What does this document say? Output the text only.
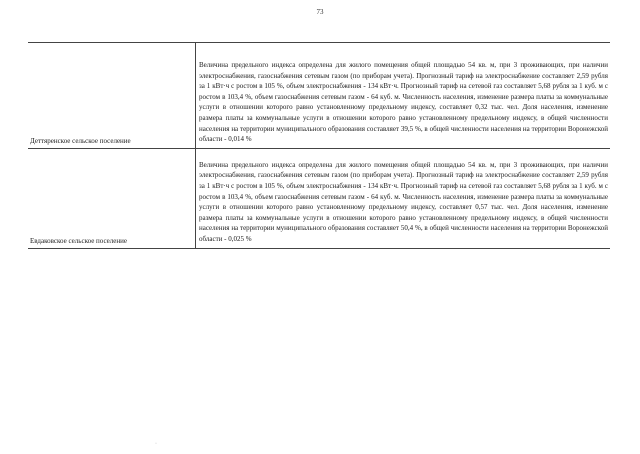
73
Деттяренское сельское поселение
Величина предельного индекса определена для жилого помещения общей площадью 54 кв. м, при 3 проживающих, при наличии электроснабжения, газоснабжения сетевым газом (по приборам учета). Прогнозный тариф на электроснабжение составляет 2,59 рубля за 1 кВт·ч с ростом в 105 %, объем электроснабжения - 134 кВт·ч. Прогнозный тариф на сетевой газ составляет 5,68 рубля за 1 куб. м с ростом в 103,4 %, объем газоснабжения сетевым газом - 64 куб. м. Численность населения, изменение размера платы за коммунальные услуги в отношении которого равно установленному предельному индексу, составляет 0,32 тыс. чел. Доля населения, изменение размера платы за коммунальные услуги в отношении которого равно установленному предельному индексу, в общей численности населения на территории муниципального образования составляет 39,5 %, в общей численности населения на территории Воронежской области - 0,014 %
Евдаковское сельское поселение
Величина предельного индекса определена для жилого помещения общей площадью 54 кв. м, при 3 проживающих, при наличии электроснабжения, газоснабжения сетевым газом (по приборам учета). Прогнозный тариф на электроснабжение составляет 2,59 рубля за 1 кВт·ч с ростом в 105 %, объем электроснабжения - 134 кВт·ч. Прогнозный тариф на сетевой газ составляет 5,68 рубля за 1 куб. м с ростом в 103,4 %, объем газоснабжения сетевым газом - 64 куб. м. Численность населения, изменение размера платы за коммунальные услуги в отношении которого равно установленному предельному индексу, составляет 0,57 тыс. чел. Доля населения, изменение размера платы за коммунальные услуги в отношении которого равно установленному предельному индексу, в общей численности населения на территории муниципального образования составляет 50,4 %, в общей численности населения на территории Воронежской области - 0,025 %
·
